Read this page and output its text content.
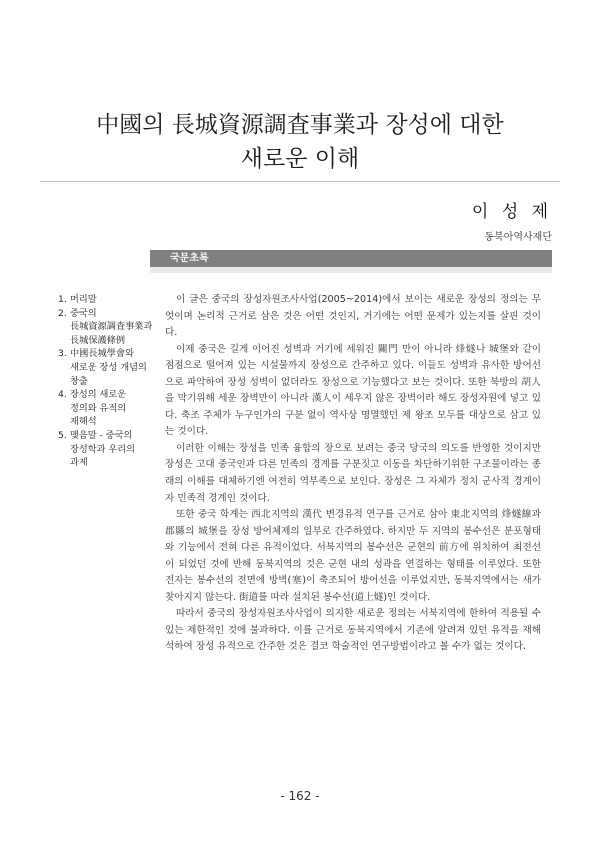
中國의 長城資源調査事業과 장성에 대한
새로운 이해
이 성 제
동북아역사재단
국문초록
1. 머리말
2. 중국의
長城資源調査事業과
長城保護條例
3. 中國長城學會와
새로운 장성 개념의
창출
4. 장성의 새로운
정의와 유적의
재해석
5. 맺음말 - 중국의
장성학과 우리의
과제

이 글은 중국의 장성자원조사사업(2005~2014)에서 보이는 새로운 장성의 정의는 무엇이며 논리적 근거로 삼은 것은 어떤 것인지, 거기에는 어떤 문제가 있는지를 살핀 것이다.

이제 중국은 길게 이어진 성벽과 거기에 세워진 關門 만이 아니라 烽燧나 城堡와 같이 점점으로 떨어져 있는 시설물까지 장성으로 간주하고 있다. 이들도 성벽과 유사한 방어선으로 파악하여 장성 성벽이 없더라도 장성으로 기능했다고 보는 것이다. 또한 북방의 胡人을 막기위해 세운 장벽만이 아니라 漢人이 세우지 않은 장벽이라 해도 장성자원에 넣고 있다. 축조 주체가 누구인가의 구분 없이 역사상 명멸했던 제 왕조 모두를 대상으로 삼고 있는 것이다.

이러한 이해는 장성을 민족 융합의 장으로 보려는 중국 당국의 의도를 반영한 것이지만 장성은 고대 중국인과 다른 민족의 경계를 구분짓고 이동을 차단하기위한 구조물이라는 종래의 이해를 대체하기엔 여전히 역부족으로 보인다. 장성은 그 자체가 정치 군사적 경계이자 민족적 경계인 것이다.

또한 중국 학계는 西北지역의 漢代 변경유적 연구를 근거로 삼아 東北지역의 烽燧線과 郡縣의 城堡을 장성 방어체제의 일부로 간주하였다. 하지만 두 지역의 봉수선은 분포형태와 기능에서 전혀 다른 유적이었다. 서북지역의 봉수선은 군현의 前方에 위치하여 최전선이 되었던 것에 반해 동북지역의 것은 군현 내의 성곽을 연결하는 형태를 이루었다. 또한 전자는 봉수선의 전면에 방벽(塞)이 축조되어 방어선을 이루었지만, 동북지역에서는 새가 찾아지지 않는다. 街道를 따라 설치된 봉수선(道上燧)인 것이다.

따라서 중국의 장성자원조사사업이 의지한 새로운 정의는 서북지역에 한하여 적용될 수 있는 제한적인 것에 불과하다. 이를 근거로 동북지역에서 기존에 알려져 있던 유적을 재해석하여 장성 유적으로 간주한 것은 결코 학술적인 연구방법이라고 볼 수가 없는 것이다.

- 162 -
